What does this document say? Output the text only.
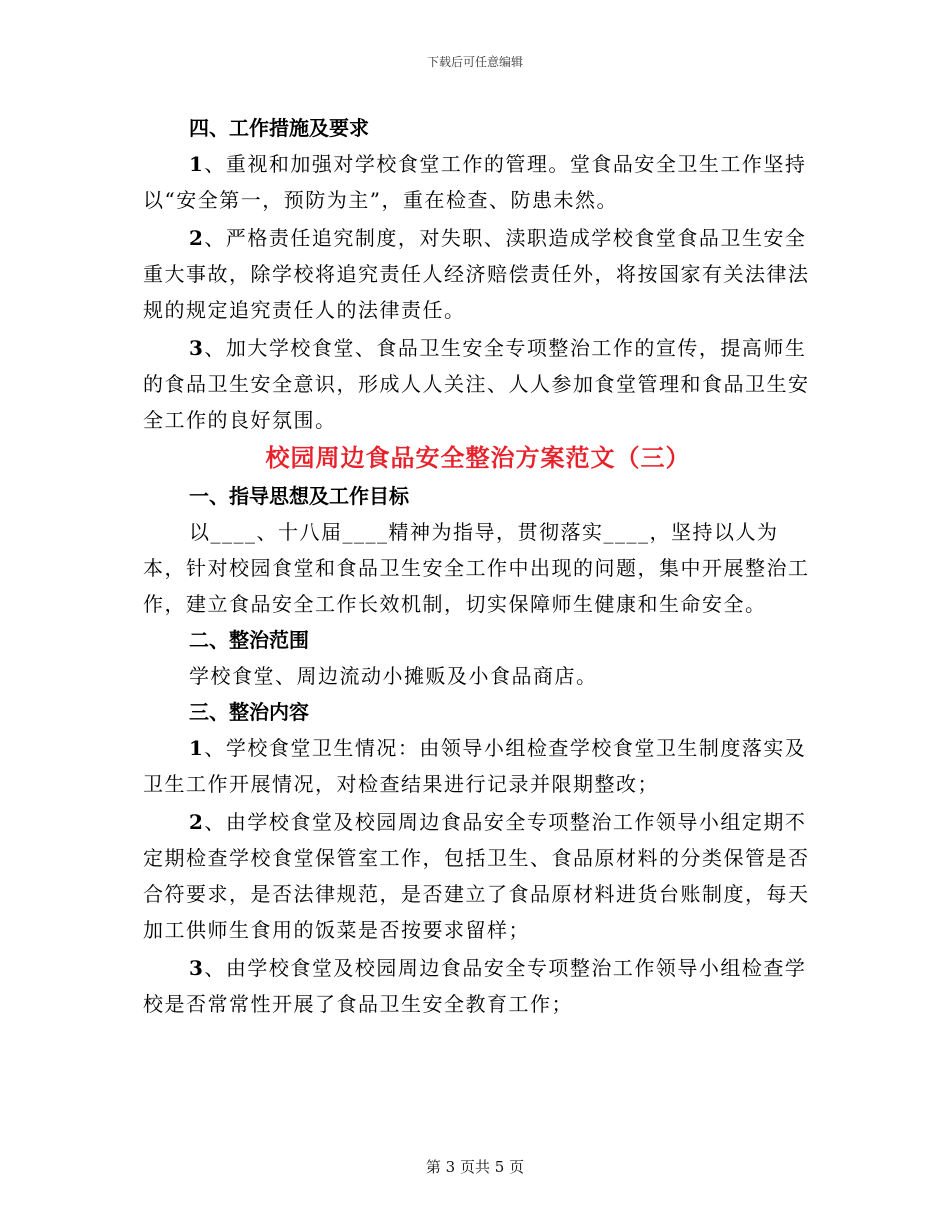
下载后可任意编辑

四、工作措施及要求

1、重视和加强对学校食堂工作的管理。堂食品安全卫生工作坚持以“安全第一，预防为主”，重在检查、防患未然。

2、严格责任追究制度，对失职、渎职造成学校食堂食品卫生安全重大事故，除学校将追究责任人经济赔偿责任外，将按国家有关法律法规的规定追究责任人的法律责任。

3、加大学校食堂、食品卫生安全专项整治工作的宣传，提高师生的食品卫生安全意识，形成人人关注、人人参加食堂管理和食品卫生安全工作的良好氛围。

校园周边食品安全整治方案范文（三）

一、指导思想及工作目标

以____、十八届____精神为指导，贯彻落实____，坚持以人为本，针对校园食堂和食品卫生安全工作中出现的问题，集中开展整治工作，建立食品安全工作长效机制，切实保障师生健康和生命安全。

二、整治范围

学校食堂、周边流动小摊贩及小食品商店。

三、整治内容

1、学校食堂卫生情况：由领导小组检查学校食堂卫生制度落实及卫生工作开展情况，对检查结果进行记录并限期整改；

2、由学校食堂及校园周边食品安全专项整治工作领导小组定期不定期检查学校食堂保管室工作，包括卫生、食品原材料的分类保管是否合符要求，是否法律规范，是否建立了食品原材料进货台账制度，每天加工供师生食用的饭菜是否按要求留样；

3、由学校食堂及校园周边食品安全专项整治工作领导小组检查学校是否常常性开展了食品卫生安全教育工作；

第 3 页共 5 页
